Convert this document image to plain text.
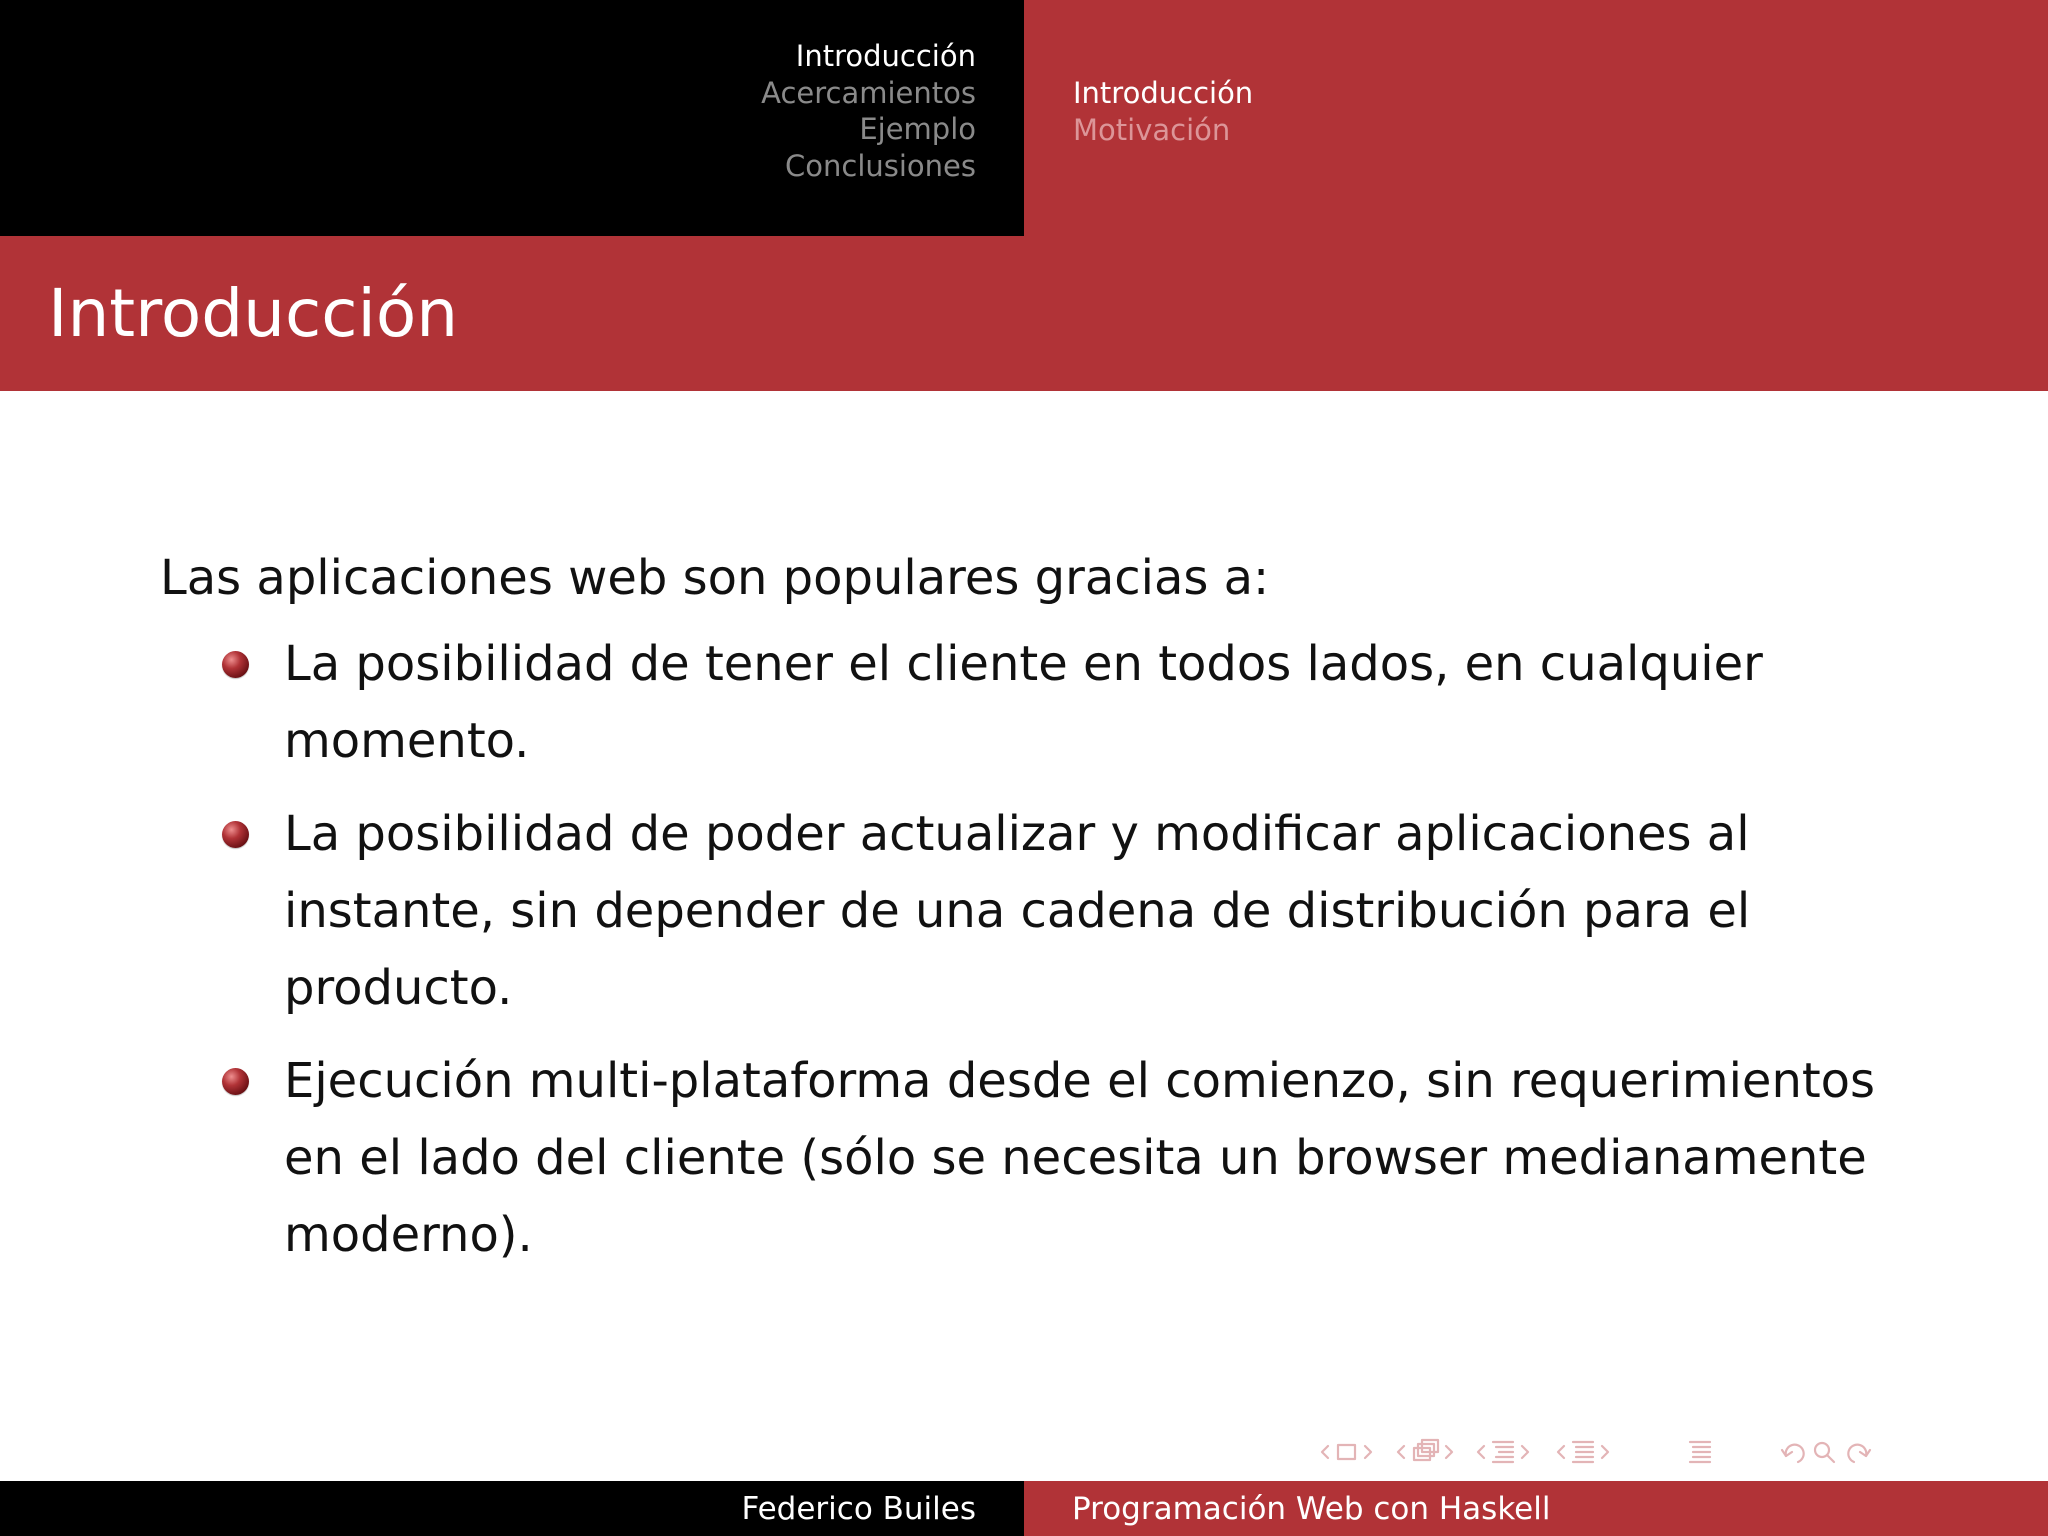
Introducción
Acercamientos
Ejemplo
Conclusiones
Introducción
Motivación
Introducción

Las aplicaciones web son populares gracias a:

La posibilidad de tener el cliente en todos lados, en cualquier momento.
La posibilidad de poder actualizar y modificar aplicaciones al instante, sin depender de una cadena de distribución para el producto.
Ejecución multi-plataforma desde el comienzo, sin requerimientos en el lado del cliente (sólo se necesita un browser medianamente moderno).
Federico Builes	Programación Web con Haskell
